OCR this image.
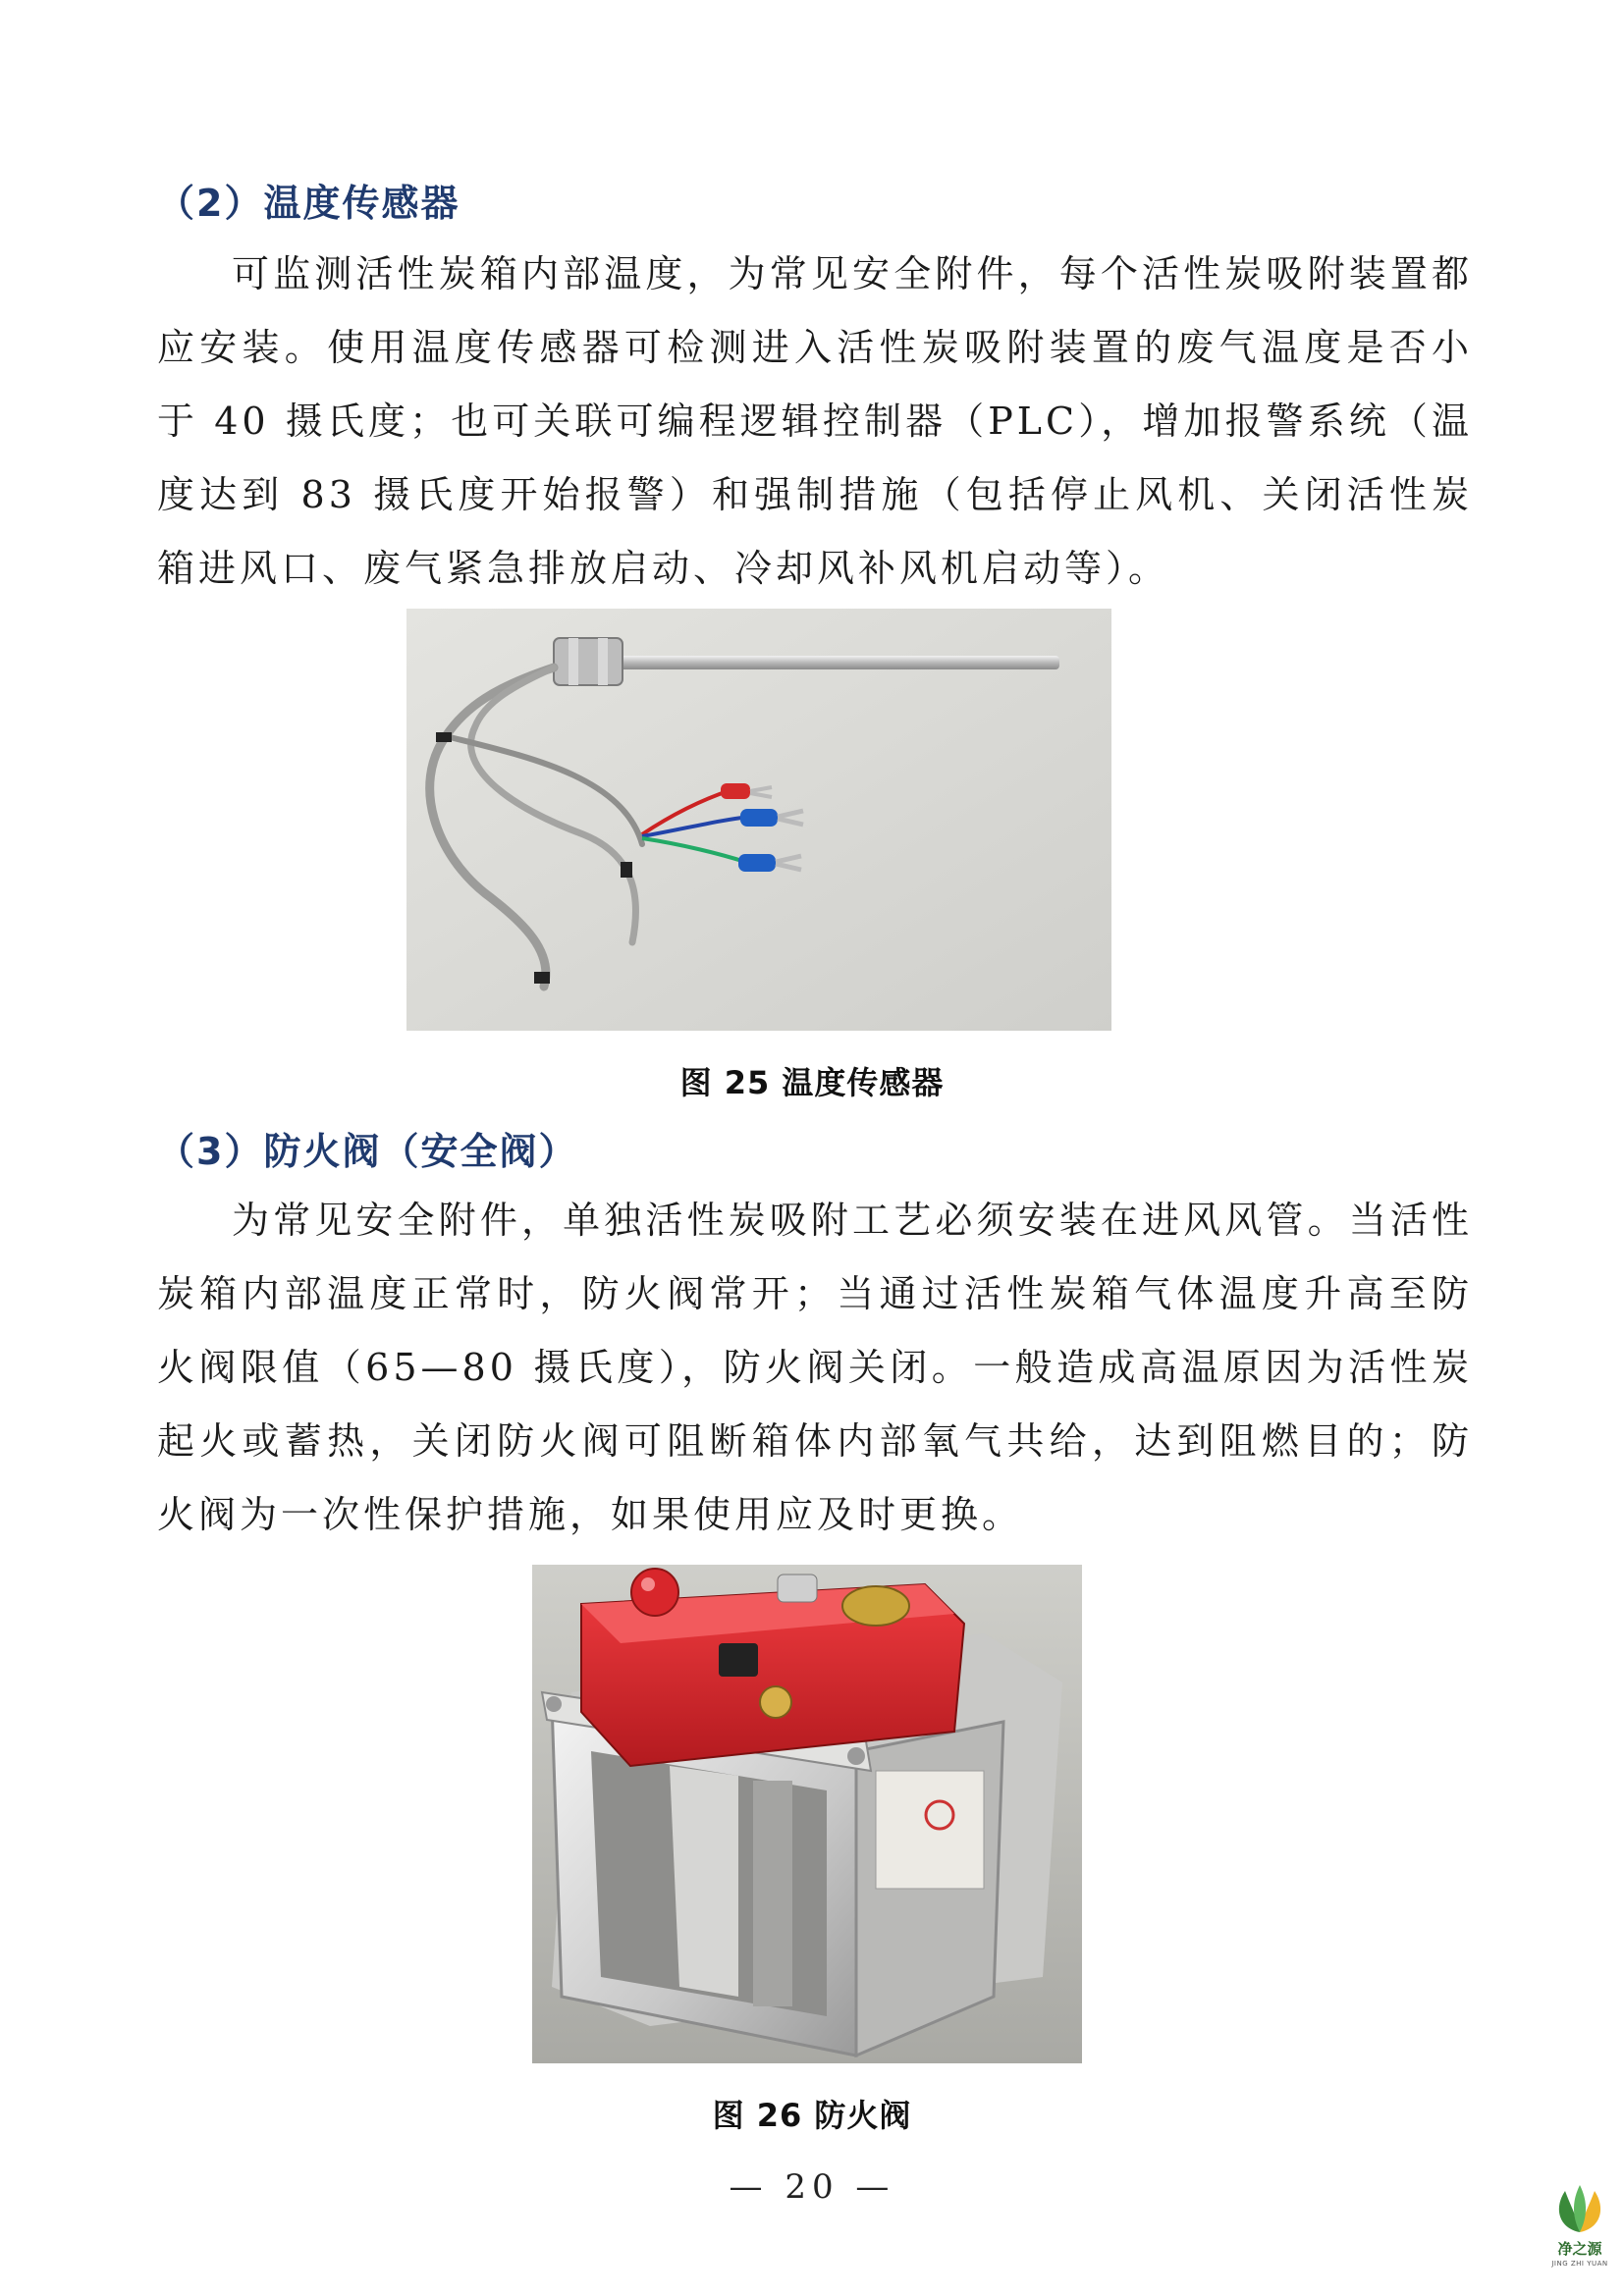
（2）温度传感器

可监测活性炭箱内部温度，为常见安全附件，每个活性炭吸附装置都应安装。使用温度传感器可检测进入活性炭吸附装置的废气温度是否小于 40 摄氏度；也可关联可编程逻辑控制器（PLC），增加报警系统（温度达到 83 摄氏度开始报警）和强制措施（包括停止风机、关闭活性炭箱进风口、废气紧急排放启动、冷却风补风机启动等）。

图 25 温度传感器
（3）防火阀（安全阀）

为常见安全附件，单独活性炭吸附工艺必须安装在进风风管。当活性炭箱内部温度正常时，防火阀常开；当通过活性炭箱气体温度升高至防火阀限值（65—80 摄氏度），防火阀关闭。一般造成高温原因为活性炭起火或蓄热，关闭防火阀可阻断箱体内部氧气共给，达到阻燃目的；防火阀为一次性保护措施，如果使用应及时更换。

图 26 防火阀
— 20 —
净之源
JING ZHI YUAN
